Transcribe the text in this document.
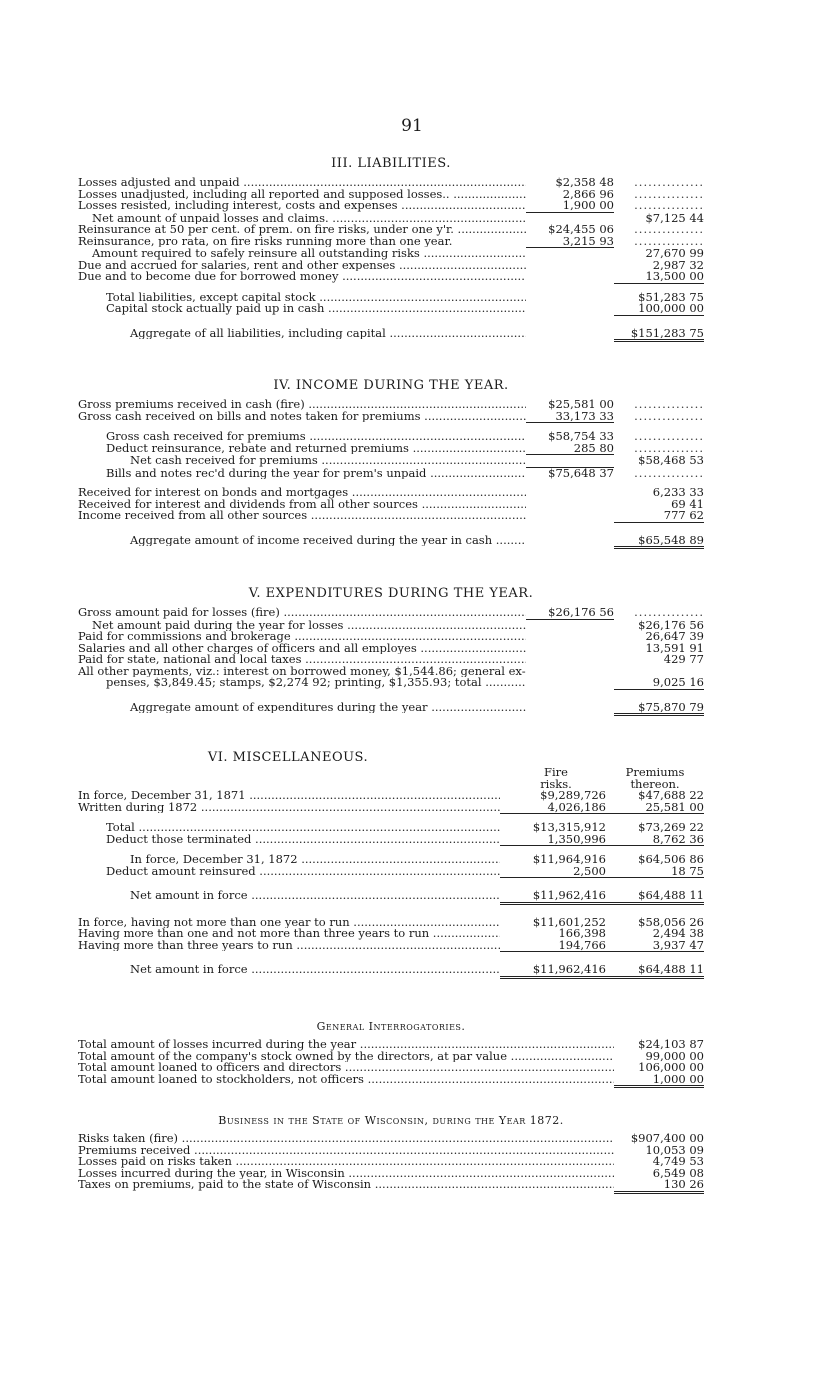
91
III. LIABILITIES.
Losses adjusted and unpaid .....	$2,358 48	...............
Losses unadjusted, including all reported and supposed losses.. .....	2,866 96	...............
Losses resisted, including interest, costs and expenses .....	1,900 00	...............
Net amount of unpaid losses and claims. .....	$7,125 44
Reinsurance at 50 per cent. of prem. on fire risks, under one y'r. .....	$24,455 06	...............
Reinsurance, pro rata, on fire risks running more than one year.	3,215 93	...............
Amount required to safely reinsure all outstanding risks .....	27,670 99
Due and accrued for salaries, rent and other expenses .....	2,987 32
Due and to become due for borrowed money .....	13,500 00
Total liabilities, except capital stock .....	$51,283 75
Capital stock actually paid up in cash .....	100,000 00
Aggregate of all liabilities, including capital .....	$151,283 75
IV. INCOME DURING THE YEAR.
Gross premiums received in cash (fire) .....	$25,581 00	...............
Gross cash received on bills and notes taken for premiums .....	33,173 33	...............
Gross cash received for premiums .....	$58,754 33	...............
Deduct reinsurance, rebate and returned premiums .....	285 80	...............
Net cash received for premiums .....	$58,468 53
Bills and notes rec'd during the year for prem's unpaid .....	$75,648 37	...............
Received for interest on bonds and mortgages .....	6,233 33
Received for interest and dividends from all other sources .....	69 41
Income received from all other sources .....	777 62
Aggregate amount of income received during the year in cash .....	$65,548 89
V. EXPENDITURES DURING THE YEAR.
Gross amount paid for losses (fire) .....	$26,176 56	...............
Net amount paid during the year for losses .....	$26,176 56
Paid for commissions and brokerage .....	26,647 39
Salaries and all other charges of officers and all employes .....	13,591 91
Paid for state, national and local taxes .....	429 77
All other payments, viz.: interest on borrowed money, $1,544.86; general ex-
penses, $3,849.45; stamps, $2,274 92; printing, $1,355.93; total .....	9,025 16
Aggregate amount of expenditures during the year .....	$75,870 79
VI. MISCELLANEOUS.
Fire
risks.
Premiums
thereon.
In force, December 31, 1871 .....	$9,289,726	$47,688 22
Written during 1872 .....	4,026,186	25,581 00
Total .....	$13,315,912	$73,269 22
Deduct those terminated .....	1,350,996	8,762 36
In force, December 31, 1872 .....	$11,964,916	$64,506 86
Deduct amount reinsured .....	2,500	18 75
Net amount in force .....	$11,962,416	$64,488 11
In force, having not more than one year to run .....	$11,601,252	$58,056 26
Having more than one and not more than three years to run .....	166,398	2,494 38
Having more than three years to run .....	194,766	3,937 47
Net amount in force .....	$11,962,416	$64,488 11
General Interrogatories.
Total amount of losses incurred during the year .....	$24,103 87
Total amount of the company's stock owned by the directors, at par value .....	99,000 00
Total amount loaned to officers and directors .....	106,000 00
Total amount loaned to stockholders, not officers .....	1,000 00
Business in the State of Wisconsin, during the Year 1872.
Risks taken (fire) .....	$907,400 00
Premiums received .....	10,053 09
Losses paid on risks taken .....	4,749 53
Losses incurred during the year, in Wisconsin .....	6,549 08
Taxes on premiums, paid to the state of Wisconsin .....	130 26
